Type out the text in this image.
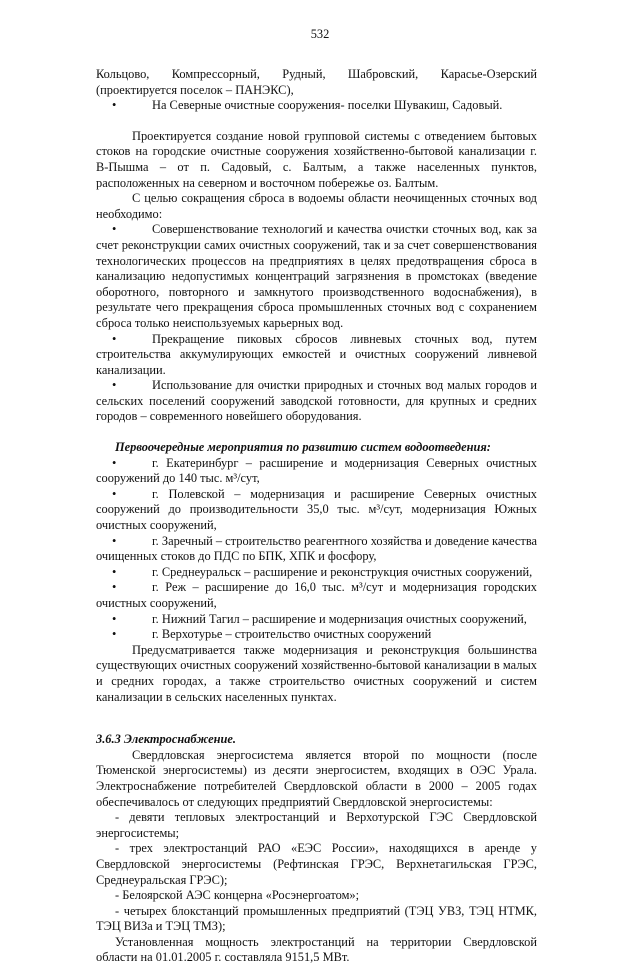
532

Кольцово, Компрессорный, Рудный, Шабровский, Карасье-Озерский (проектируется поселок – ПАНЭКС),

•	На Северные очистные сооружения- поселки Шувакиш, Садовый.

Проектируется создание новой групповой системы с отведением бытовых стоков на городские очистные сооружения хозяйственно-бытовой канализации г. В-Пышма – от п. Садовый, с. Балтым, а также населенных пунктов, расположенных на северном и восточном побережье оз. Балтым.

С целью сокращения сброса в водоемы области неочищенных сточных вод необходимо:

•	Совершенствование технологий и качества очистки сточных вод, как за счет реконструкции самих очистных сооружений, так и за счет совершенствования технологических процессов на предприятиях в целях предотвращения сброса в канализацию недопустимых концентраций загрязнения в промстоках (введение оборотного, повторного и замкнутого производственного водоснабжения), в результате чего прекращения сброса промышленных сточных вод с сохранением сброса только неиспользуемых карьерных вод.
•	Прекращение пиковых сбросов ливневых сточных вод, путем строительства аккумулирующих емкостей и очистных сооружений ливневой канализации.
•	Использование для очистки природных и сточных вод малых городов и сельских поселений сооружений заводской готовности, для крупных и средних городов – современного новейшего оборудования.

Первоочередные мероприятия по развитию систем водоотведения:

•	г. Екатеринбург – расширение и модернизация Северных очистных сооружений до 140 тыс. м³/сут,
•	г. Полевской – модернизация и расширение Северных очистных сооружений до производительности 35,0 тыс. м³/сут, модернизация Южных очистных сооружений,
•	г. Заречный – строительство реагентного хозяйства и доведение качества очищенных стоков до ПДС по БПК, ХПК и фосфору,
•	г. Среднеуральск – расширение и реконструкция очистных сооружений,
•	г. Реж – расширение до 16,0 тыс. м³/сут и модернизация городских очистных сооружений,
•	г. Нижний Тагил – расширение и модернизация очистных сооружений,
•	г. Верхотурье – строительство очистных сооружений

Предусматривается также модернизация и реконструкция большинства существующих очистных сооружений хозяйственно-бытовой канализации в малых и средних городах, а также строительство очистных сооружений и систем канализации в сельских населенных пунктах.

3.6.3 Электроснабжение.

Свердловская энергосистема является второй по мощности (после Тюменской энергосистемы) из десяти энергосистем, входящих в ОЭС Урала. Электроснабжение потребителей Свердловской области в 2000 – 2005 годах обеспечивалось от следующих предприятий Свердловской энергосистемы:

- девяти тепловых электростанций и Верхотурской ГЭС Свердловской энергосистемы;

- трех электростанций РАО «ЕЭС России», находящихся в аренде у Свердловской энергосистемы (Рефтинская ГРЭС, Верхнетагильская ГРЭС, Среднеуральская ГРЭС);

- Белоярской АЭС концерна «Росэнергоатом»;

- четырех блокстанций промышленных предприятий (ТЭЦ УВЗ, ТЭЦ НТМК, ТЭЦ ВИЗа и ТЭЦ ТМЗ);

Установленная мощность электростанций на территории Свердловской области на 01.01.2005 г. составляла 9151,5 МВт.
